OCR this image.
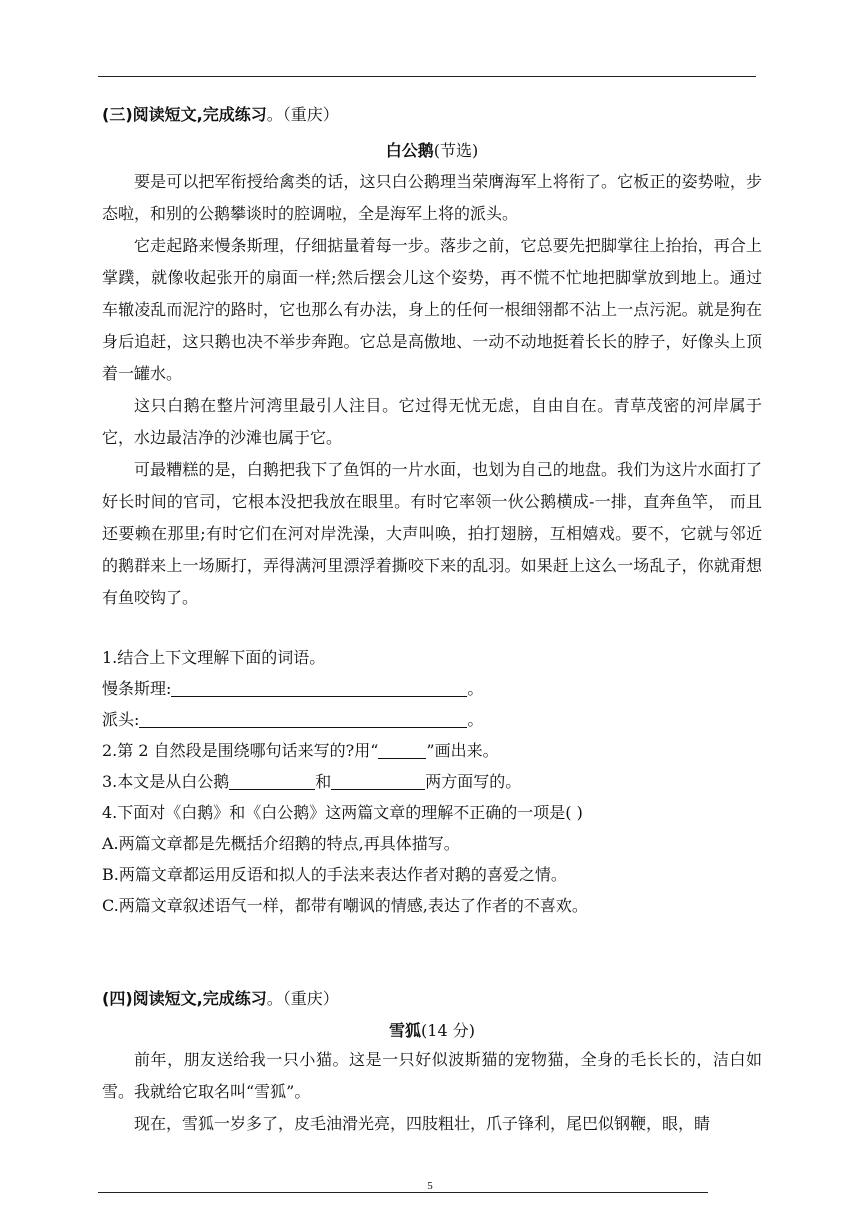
(三)阅读短文,完成练习。（重庆）
白公鹅(节选)

要是可以把军衔授给禽类的话，这只白公鹅理当荣膺海军上将衔了。它板正的姿势啦，步态啦，和别的公鹅攀谈时的腔调啦，全是海军上将的派头。

它走起路来慢条斯理，仔细掂量着每一步。落步之前，它总要先把脚掌往上抬抬，再合上掌蹼，就像收起张开的扇面一样;然后摆会儿这个姿势，再不慌不忙地把脚掌放到地上。通过车辙凌乱而泥泞的路时，它也那么有办法，身上的任何一根细翎都不沾上一点污泥。就是狗在身后追赶，这只鹅也决不举步奔跑。它总是高傲地、一动不动地挺着长长的脖子，好像头上顶着一罐水。

这只白鹅在整片河湾里最引人注目。它过得无忧无虑，自由自在。青草茂密的河岸属于它，水边最洁净的沙滩也属于它。

可最糟糕的是，白鹅把我下了鱼饵的一片水面，也划为自己的地盘。我们为这片水面打了好长时间的官司，它根本没把我放在眼里。有时它率领一伙公鹅横成-一排，直奔鱼竿， 而且还要赖在那里;有时它们在河对岸洗澡，大声叫唤，拍打翅膀，互相嬉戏。要不，它就与邻近的鹅群来上一场厮打，弄得满河里漂浮着撕咬下来的乱羽。如果赶上这么一场乱子，你就甭想有鱼咬钩了。

1.结合上下文理解下面的词语。
慢条斯理:	。
派头:	。
2.第 2 自然段是围绕哪句话来写的?用“	”画出来。
3.本文是从白公鹅	和	两方面写的。
4.下面对《白鹅》和《白公鹅》这两篇文章的理解不正确的一项是( )
A.两篇文章都是先概括介绍鹅的特点,再具体描写。
B.两篇文章都运用反语和拟人的手法来表达作者对鹅的喜爱之情。
C.两篇文章叙述语气一样，都带有嘲讽的情感,表达了作者的不喜欢。
(四)阅读短文,完成练习。（重庆）
雪狐(14 分)

前年，朋友送给我一只小猫。这是一只好似波斯猫的宠物猫，全身的毛长长的，洁白如雪。我就给它取名叫“雪狐”。

现在，雪狐一岁多了，皮毛油滑光亮，四肢粗壮，爪子锋利，尾巴似钢鞭，眼，睛

5
